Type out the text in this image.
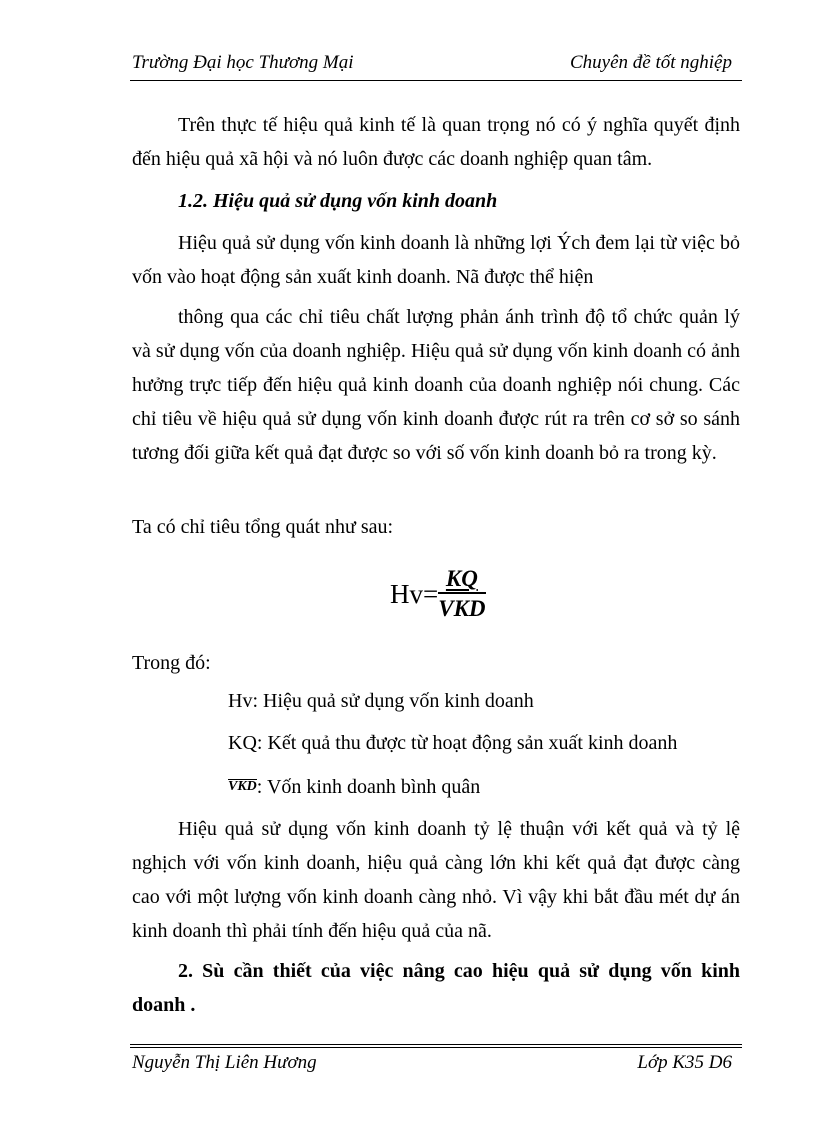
Trường Đại học Thương Mại	Chuyên đề tốt nghiệp

Trên thực tế hiệu quả kinh tế là quan trọng nó có ý nghĩa quyết định đến hiệu quả xã hội và nó luôn được các doanh nghiệp quan tâm.

1.2. Hiệu quả sử dụng vốn kinh doanh

Hiệu quả sử dụng vốn kinh doanh là những lợi Ých đem lại từ việc bỏ vốn vào hoạt động sản xuất kinh doanh. Nã được thể hiện

thông qua các chỉ tiêu chất lượng phản ánh trình độ tổ chức quản lý và sử dụng vốn của doanh nghiệp. Hiệu quả sử dụng vốn kinh doanh có ảnh hưởng trực tiếp đến hiệu quả kinh doanh của doanh nghiệp nói chung. Các chỉ tiêu về hiệu quả sử dụng vốn kinh doanh được rút ra trên cơ sở so sánh tương đối giữa kết quả đạt được so với số vốn kinh doanh bỏ ra trong kỳ.

Ta có chỉ tiêu tổng quát như sau:

$Hv= \frac{KQ}{\text{VKD}}$

Trong đó:

Hv: Hiệu quả sử dụng vốn kinh doanh

KQ: Kết quả thu được từ hoạt động sản xuất kinh doanh

VKD: Vốn kinh doanh bình quân

Hiệu quả sử dụng vốn kinh doanh tỷ lệ thuận với kết quả và tỷ lệ nghịch với vốn kinh doanh, hiệu quả càng lớn khi kết quả đạt được càng cao với một lượng vốn kinh doanh càng nhỏ. Vì vậy khi bắt đầu mét dự án kinh doanh thì phải tính đến hiệu quả của nã.

2. Sù cần thiết của việc nâng cao hiệu quả sử dụng vốn kinh doanh .

Nguyễn Thị Liên Hương	Lớp K35 D6
